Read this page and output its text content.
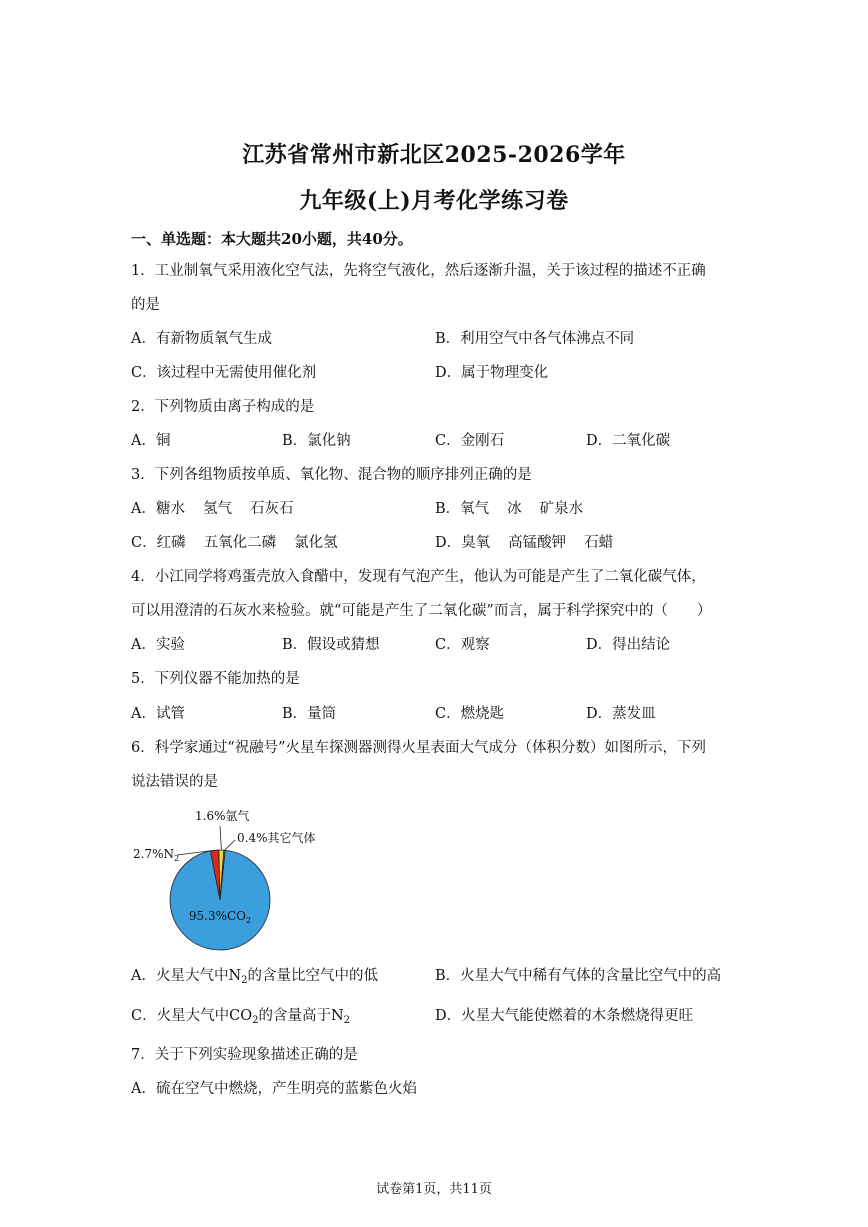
江苏省常州市新北区2025-2026学年
九年级(上)月考化学练习卷
一、单选题：本大题共20小题，共40分。
1．工业制氧气采用液化空气法，先将空气液化，然后逐渐升温，关于该过程的描述不正确
的是
A．有新物质氧气生成	B．利用空气中各气体沸点不同
C．该过程中无需使用催化剂	D．属于物理变化
2．下列物质由离子构成的是
A．铜	B．氯化钠	C．金刚石	D．二氧化碳
3．下列各组物质按单质、氧化物、混合物的顺序排列正确的是
A．糖水 氢气 石灰石	B．氧气 冰 矿泉水
C．红磷 五氧化二磷 氯化氢	D．臭氧 高锰酸钾 石蜡
4．小江同学将鸡蛋壳放入食醋中，发现有气泡产生，他认为可能是产生了二氧化碳气体，
可以用澄清的石灰水来检验。就“可能是产生了二氧化碳”而言，属于科学探究中的（　　）
A．实验	B．假设或猜想	C．观察	D．得出结论
5．下列仪器不能加热的是
A．试管	B．量筒	C．燃烧匙	D．蒸发皿
6．科学家通过“祝融号”火星车探测器测得火星表面大气成分（体积分数）如图所示，下列
说法错误的是
$95.3\%CO_2$
$2.7\%N_2$
1.6%氩气
0.4%其它气体
A．火星大气中$N_2$的含量比空气中的低	B．火星大气中稀有气体的含量比空气中的高
C．火星大气中$CO_2$的含量高于$N_2$	D．火星大气能使燃着的木条燃烧得更旺
7．关于下列实验现象描述正确的是
A．硫在空气中燃烧，产生明亮的蓝紫色火焰
试卷第1页，共11页
